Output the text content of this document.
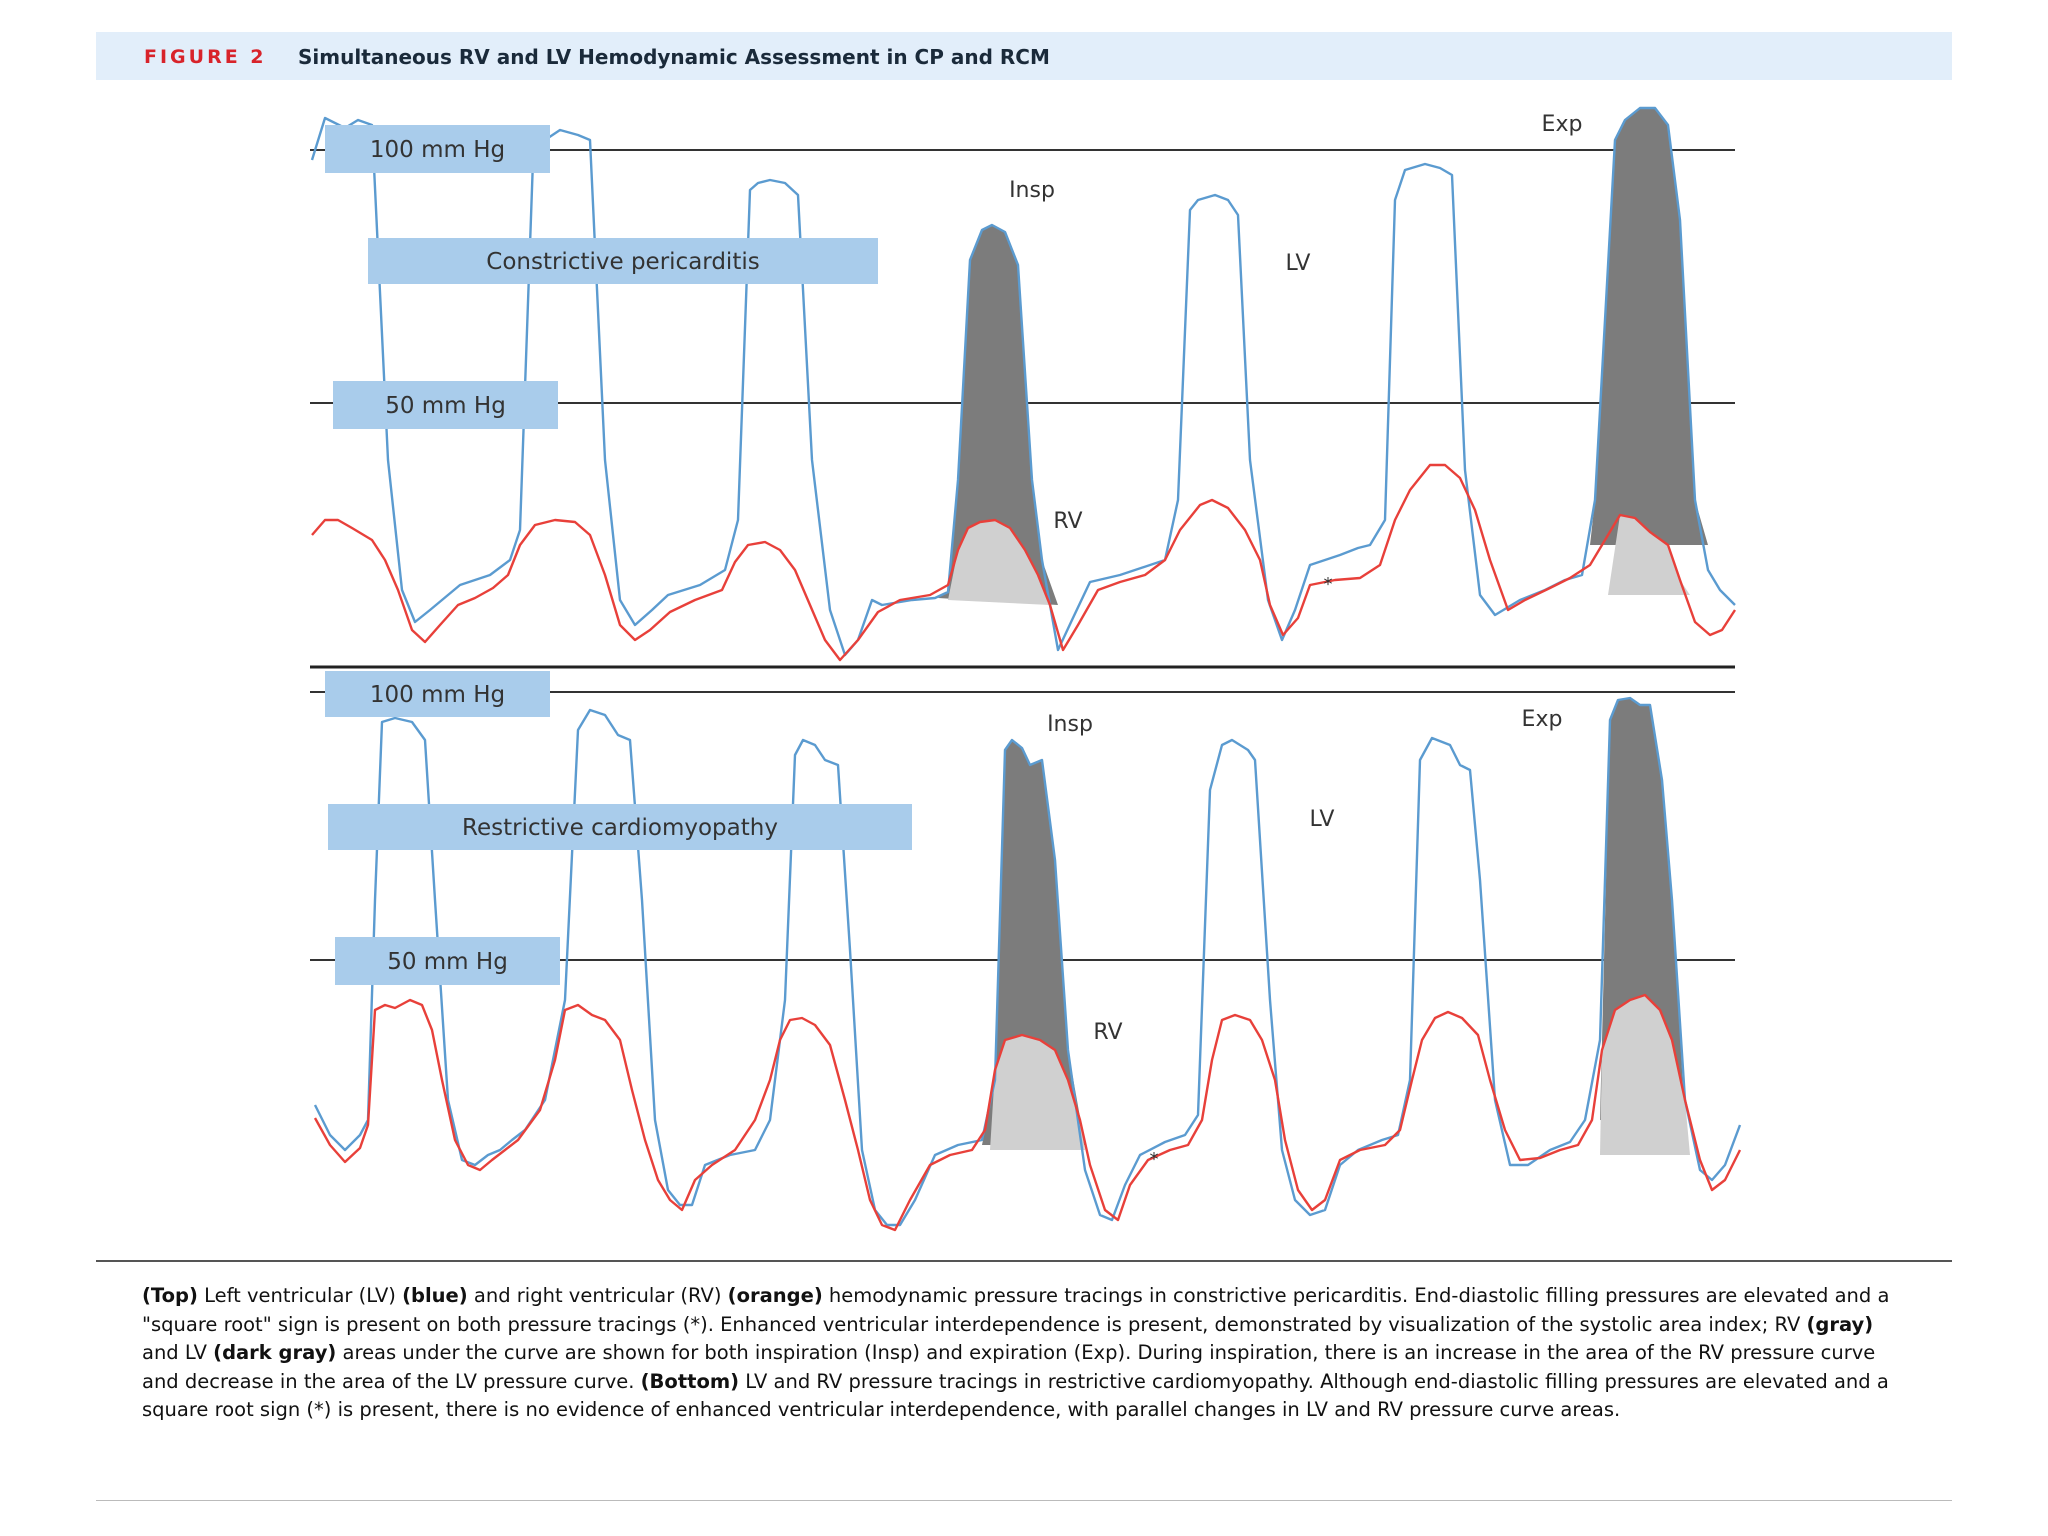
FIGURE 2 Simultaneous RV and LV Hemodynamic Assessment in CP and RCM
100 mm Hg
50 mm Hg
Constrictive pericarditis
Insp
Exp
LV
RV
*
100 mm Hg
50 mm Hg
Restrictive cardiomyopathy
Insp	Exp
LV
RV
*
(Top) Left ventricular (LV) (blue) and right ventricular (RV) (orange) hemodynamic pressure tracings in constrictive pericarditis. End-diastolic filling pressures are elevated and a "square root" sign is present on both pressure tracings (*). Enhanced ventricular interdependence is present, demonstrated by visualization of the systolic area index; RV (gray) and LV (dark gray) areas under the curve are shown for both inspiration (Insp) and expiration (Exp). During inspiration, there is an increase in the area of the RV pressure curve and decrease in the area of the LV pressure curve. (Bottom) LV and RV pressure tracings in restrictive cardiomyopathy. Although end-diastolic filling pressures are elevated and a square root sign (*) is present, there is no evidence of enhanced ventricular interdependence, with parallel changes in LV and RV pressure curve areas.
